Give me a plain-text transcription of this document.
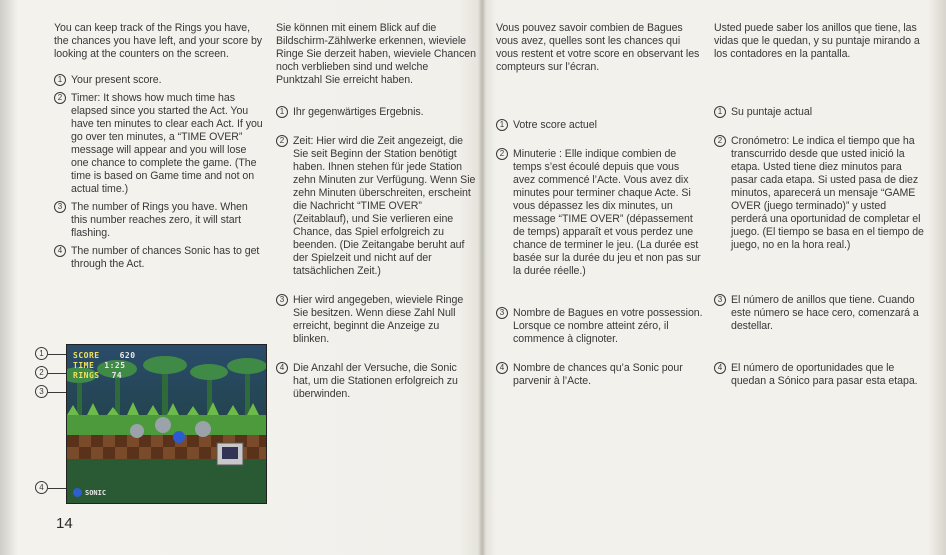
You can keep track of the Rings you have, the chances you have left, and your score by looking at the counters on the screen.

1 Your present score.

2 Timer: It shows how much time has elapsed since you started the Act. You have ten minutes to clear each Act. If you go over ten minutes, a “TIME OVER” message will appear and you will lose one chance to complete the game. (The time is based on Game time and not on actual time.)

3 The number of Rings you have. When this number reaches zero, it will start flashing.

4 The number of chances Sonic has to get through the Act.

Sie können mit einem Blick auf die Bildschirm-Zählwerke erkennen, wieviele Ringe Sie derzeit haben, wieviele Chancen noch verblieben sind und welche Punktzahl Sie erreicht haben.

1 Ihr gegenwärtiges Ergebnis.

2 Zeit: Hier wird die Zeit angezeigt, die Sie seit Beginn der Station benötigt haben. Ihnen stehen für jede Station zehn Minuten zur Verfügung. Wenn Sie zehn Minuten überschreiten, erscheint die Nachricht “TIME OVER” (Zeitablauf), und Sie verlieren eine Chance, das Spiel erfolgreich zu beenden. (Die Zeitangabe beruht auf der Spielzeit und nicht auf der tatsächlichen Zeit.)

3 Hier wird angegeben, wieviele Ringe Sie besitzen. Wenn diese Zahl Null erreicht, beginnt die Anzeige zu blinken.

4 Die Anzahl der Versuche, die Sonic hat, um die Stationen erfolgreich zu überwinden.

Vous pouvez savoir combien de Bagues vous avez, quelles sont les chances qui vous restent et votre score en observant les compteurs sur l’écran.

1 Votre score actuel

2 Minuterie : Elle indique combien de temps s’est écoulé depuis que vous avez commencé l’Acte. Vous avez dix minutes pour terminer chaque Acte. Si vous dépassez les dix minutes, un message “TIME OVER” (dépassement de temps) apparaît et vous perdez une chance de terminer le jeu. (La durée est basée sur la durée du jeu et non pas sur la durée réelle.)

3 Nombre de Bagues en votre possession. Lorsque ce nombre atteint zéro, il commence à clignoter.

4 Nombre de chances qu’a Sonic pour parvenir à l’Acte.

Usted puede saber los anillos que tiene, las vidas que le quedan, y su puntaje mirando a los contadores en la pantalla.

1 Su puntaje actual

2 Cronómetro: Le indica el tiempo que ha transcurrido desde que usted inició la etapa. Usted tiene diez minutos para pasar cada etapa. Si usted pasa de diez minutos, aparecerá un mensaje “GAME OVER (juego terminado)” y usted perderá una oportunidad de completar el juego. (El tiempo se basa en el tiempo de juego, no en la hora real.)

3 El número de anillos que tiene. Cuando este número se hace cero, comenzará a destellar.

4 El número de oportunidades que le quedan a Sónico para pasar esta etapa.

SCORE	620
TIME 1:25
RINGS 74
SONIC
1
2
3
4
14
